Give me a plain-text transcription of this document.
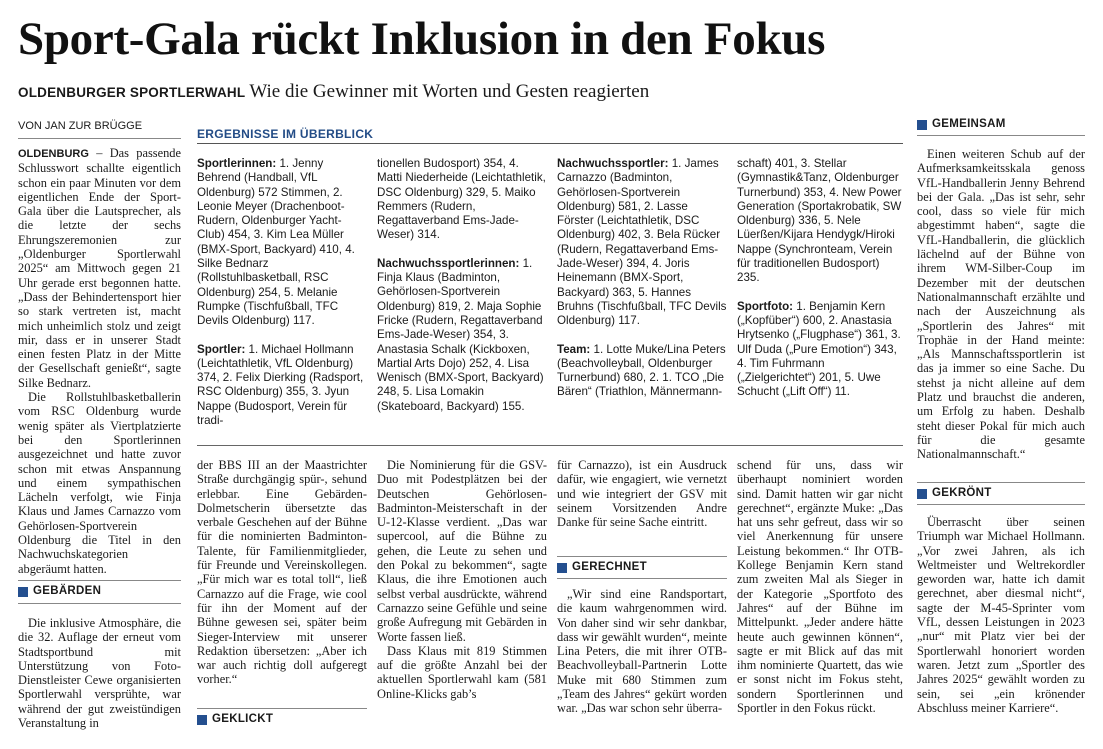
Sport-Gala rückt Inklusion in den Fokus
OLDENBURGER SPORTLERWAHL Wie die Gewinner mit Worten und Gesten reagierten
VON JAN ZUR BRÜGGE

OLDENBURG – Das passende Schlusswort schallte eigentlich schon ein paar Minuten vor dem eigentlichen Ende der Sport-Gala über die Lautsprecher, als die letzte der sechs Ehrungszeremonien zur „Oldenburger Sportlerwahl 2025“ am Mittwoch gegen 21 Uhr gerade erst begonnen hatte. „Dass der Behindertensport hier so stark vertreten ist, macht mich unheimlich stolz und zeigt mir, dass er in unserer Stadt einen festen Platz in der Mitte der Gesellschaft genießt“, sagte Silke Bednarz.

Die Rollstuhlbasketballerin vom RSC Oldenburg wurde wenig später als Viertplatzierte bei den Sportlerinnen ausgezeichnet und hatte zuvor schon mit etwas Anspannung und einem sympathischen Lächeln verfolgt, wie Finja Klaus und James Carnazzo vom Gehörlosen-Sportverein Oldenburg die Titel in den Nachwuchskategorien abgeräumt hatten.

GEBÄRDEN
Die inklusive Atmosphäre, die die 32. Auflage der erneut vom Stadtsportbund mit Unterstützung von Foto-Dienstleister Cewe organisierten Sportlerwahl versprühte, war während der gut zweistündigen Veranstaltung in
ERGEBNISSE IM ÜBERBLICK

Sportlerinnen: 1. Jenny Behrend (Handball, VfL Oldenburg) 572 Stimmen, 2. Leonie Meyer (Drachenboot-Rudern, Oldenburger Yacht-Club) 454, 3. Kim Lea Müller (BMX-Sport, Backyard) 410, 4. Silke Bednarz (Rollstuhlbasketball, RSC Oldenburg) 254, 5. Melanie Rumpke (Tischfußball, TFC Devils Oldenburg) 117.

Sportler: 1. Michael Hollmann (Leichtathletik, VfL Oldenburg) 374, 2. Felix Dierking (Radsport, RSC Oldenburg) 355, 3. Jyun Nappe (Budosport, Verein für tradi-

tionellen Budosport) 354, 4. Matti Niederheide (Leichtathletik, DSC Oldenburg) 329, 5. Maiko Remmers (Rudern, Regattaverband Ems-Jade-Weser) 314.

Nachwuchssportlerinnen: 1. Finja Klaus (Badminton, Gehörlosen-Sportverein Oldenburg) 819, 2. Maja Sophie Fricke (Rudern, Regattaverband Ems-Jade-Weser) 354, 3. Anastasia Schalk (Kickboxen, Martial Arts Dojo) 252, 4. Lisa Wenisch (BMX-Sport, Backyard) 248, 5. Lisa Lomakin (Skateboard, Backyard) 155.

Nachwuchssportler: 1. James Carnazzo (Badminton, Gehörlosen-Sportverein Oldenburg) 581, 2. Lasse Förster (Leichtathletik, DSC Oldenburg) 402, 3. Bela Rücker (Rudern, Regattaverband Ems-Jade-Weser) 394, 4. Joris Heinemann (BMX-Sport, Backyard) 363, 5. Hannes Bruhns (Tischfußball, TFC Devils Oldenburg) 117.

Team: 1. Lotte Muke/Lina Peters (Beachvolleyball, Oldenburger Turnerbund) 680, 2. 1. TCO „Die Bären“ (Triathlon, Männermann-

schaft) 401, 3. Stellar (Gymnastik&Tanz, Oldenburger Turnerbund) 353, 4. New Power Generation (Sportakrobatik, SW Oldenburg) 336, 5. Nele Lüerßen/Kijara Hendygk/Hiroki Nappe (Synchronteam, Verein für traditionellen Budosport) 235.

Sportfoto: 1. Benjamin Kern („Kopfüber“) 600, 2. Anastasia Hrytsenko („Flugphase“) 361, 3. Ulf Duda („Pure Emotion“) 343, 4. Tim Fuhrmann („Zielgerichtet“) 201, 5. Uwe Schucht („Lift Off“) 11.

der BBS III an der Maastrichter Straße durchgängig spür-, sehund erlebbar. Eine Gebärden-Dolmetscherin übersetzte das verbale Geschehen auf der Bühne für die nominierten Badminton-Talente, für Familienmitglieder, für Freunde und Vereinskollegen. „Für mich war es total toll“, ließ Carnazzo auf die Frage, wie cool für ihn der Moment auf der Bühne gewesen sei, später beim Sieger-Interview mit unserer Redaktion übersetzen: „Aber ich war auch richtig doll aufgeregt vorher.“
GEKLICKT

Die Nominierung für die GSV-Duo mit Podestplätzen bei der Deutschen Gehörlosen-Badminton-Meisterschaft in der U-12-Klasse verdient. „Das war supercool, auf die Bühne zu gehen, die Leute zu sehen und den Pokal zu bekommen“, sagte Klaus, die ihre Emotionen auch selbst verbal ausdrückte, während Carnazzo seine Gefühle und seine große Aufregung mit Gebärden in Worte fassen ließ.

Dass Klaus mit 819 Stimmen auf die größte Anzahl bei der aktuellen Sportlerwahl kam (581 Online-Klicks gab’s

für Carnazzo), ist ein Ausdruck dafür, wie engagiert, wie vernetzt und wie integriert der GSV mit seinem Vorsitzenden Andre Danke für seine Sache eintritt.
GERECHNET
„Wir sind eine Randsportart, die kaum wahrgenommen wird. Von daher sind wir sehr dankbar, dass wir gewählt wurden“, meinte Lina Peters, die mit ihrer OTB-Beachvolleyball-Partnerin Lotte Muke mit 680 Stimmen zum „Team des Jahres“ gekürt worden war. „Das war schon sehr überra-
schend für uns, dass wir überhaupt nominiert worden sind. Damit hatten wir gar nicht gerechnet“, ergänzte Muke: „Das hat uns sehr gefreut, dass wir so viel Anerkennung für unsere Leistung bekommen.“ Ihr OTB-Kollege Benjamin Kern stand zum zweiten Mal als Sieger in der Kategorie „Sportfoto des Jahres“ auf der Bühne im Mittelpunkt. „Jeder andere hätte heute auch gewinnen können“, sagte er mit Blick auf das mit ihm nominierte Quartett, das wie er sonst nicht im Fokus steht, sondern Sportlerinnen und Sportler in den Fokus rückt.
GEMEINSAM
Einen weiteren Schub auf der Aufmerksamkeitsskala genoss VfL-Handballerin Jenny Behrend bei der Gala. „Das ist sehr, sehr cool, dass so viele für mich abgestimmt haben“, sagte die VfL-Handballerin, die glücklich lächelnd auf der Bühne von ihrem WM-Silber-Coup im Dezember mit der deutschen Nationalmannschaft erzählte und nach der Auszeichnung als „Sportlerin des Jahres“ mit Trophäe in der Hand meinte: „Als Mannschaftssportlerin ist das ja immer so eine Sache. Du stehst ja nicht alleine auf dem Platz und brauchst die anderen, um Erfolg zu haben. Deshalb steht dieser Pokal für mich auch für die gesamte Nationalmannschaft.“
GEKRÖNT
Überrascht über seinen Triumph war Michael Hollmann. „Vor zwei Jahren, als ich Weltmeister und Weltrekordler geworden war, hatte ich damit gerechnet, aber diesmal nicht“, sagte der M-45-Sprinter vom VfL, dessen Leistungen in 2023 „nur“ mit Platz vier bei der Sportlerwahl honoriert worden waren. Jetzt zum „Sportler des Jahres 2025“ gewählt worden zu sein, sei „ein krönender Abschluss meiner Karriere“.
